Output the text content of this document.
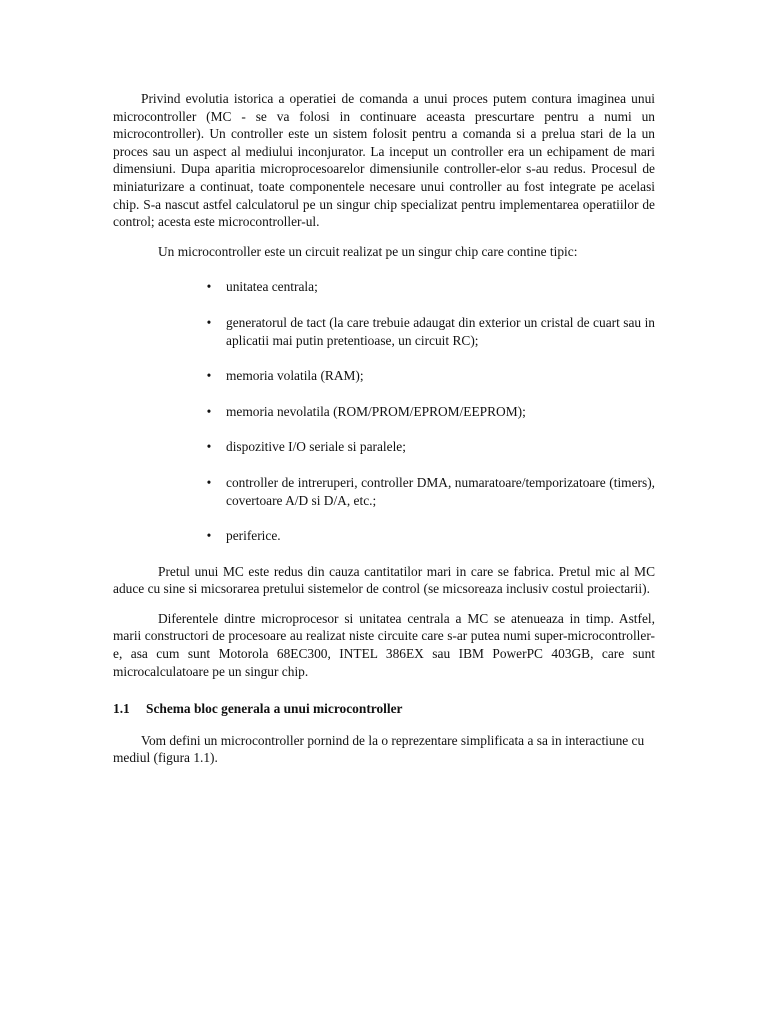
Privind evolutia istorica a operatiei de comanda a unui proces putem contura imaginea unui microcontroller (MC - se va folosi in continuare aceasta prescurtare pentru a numi un microcontroller). Un controller este un sistem folosit pentru a comanda si a prelua stari de la un proces sau un aspect al mediului inconjurator. La inceput un controller era un echipament de mari dimensiuni. Dupa aparitia microprocesoarelor dimensiunile controller-elor s-au redus. Procesul de miniaturizare a continuat, toate componentele necesare unui controller au fost integrate pe acelasi chip. S-a nascut astfel calculatorul pe un singur chip specializat pentru implementarea operatiilor de control; acesta este microcontroller-ul.

Un microcontroller este un circuit realizat pe un singur chip care contine tipic:

• unitatea centrala;
• generatorul de tact (la care trebuie adaugat din exterior un cristal de cuart sau in aplicatii mai putin pretentioase, un circuit RC);
• memoria volatila (RAM);
• memoria nevolatila (ROM/PROM/EPROM/EEPROM);
• dispozitive I/O seriale si paralele;
• controller de intreruperi, controller DMA, numaratoare/temporizatoare (timers), covertoare A/D si D/A, etc.;
• periferice.

Pretul unui MC este redus din cauza cantitatilor mari in care se fabrica. Pretul mic al MC aduce cu sine si micsorarea pretului sistemelor de control (se micsoreaza inclusiv costul proiectarii).

Diferentele dintre microprocesor si unitatea centrala a MC se atenueaza in timp. Astfel, marii constructori de procesoare au realizat niste circuite care s-ar putea numi super-microcontroller-e, asa cum sunt Motorola 68EC300, INTEL 386EX sau IBM PowerPC 403GB, care sunt microcalculatoare pe un singur chip.

1.1	Schema bloc generala a unui microcontroller

Vom defini un microcontroller pornind de la o reprezentare simplificata a sa in interactiune cu mediul (figura 1.1).
